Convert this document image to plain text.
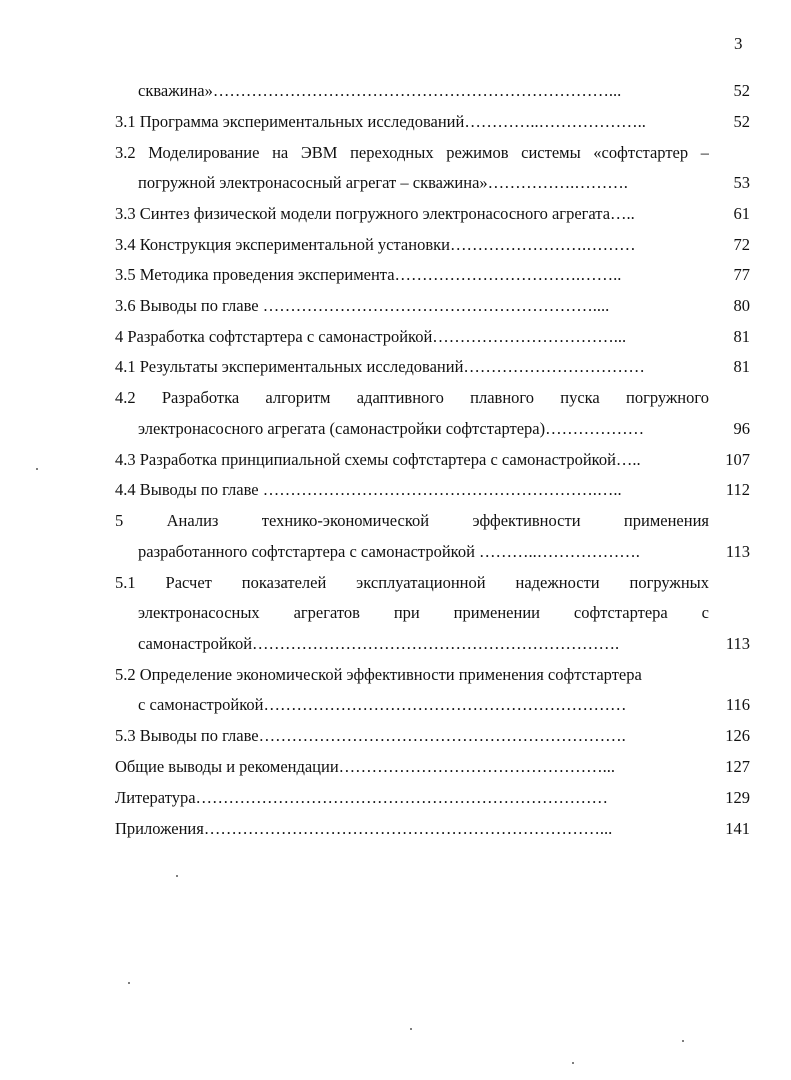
3
скважина»………………………………………………………………...	52
3.1 Программа экспериментальных исследований…………..………………..	52
3.2 Моделирование на ЭВМ переходных режимов системы «софтстартер –
погружной электронасосный агрегат – скважина»…………….……….	53
3.3 Синтез физической модели погружного электронасосного агрегата…..	61
3.4 Конструкция экспериментальной установки…………………….………	72
3.5 Методика проведения эксперимента…………………………….……..	77
3.6 Выводы по главе ……………………………………………………....	80
4 Разработка софтстартера с самонастройкой……………………………...	81
4.1 Результаты экспериментальных исследований……………………………	81
4.2 Разработка алгоритм адаптивного плавного пуска погружного
электронасосного агрегата (самонастройки софтстартера)………………	96
4.3 Разработка принципиальной схемы софтстартера с самонастройкой…..	107
4.4 Выводы по главе …………………………………………………….…..	112
5 Анализ технико-экономической эффективности применения
разработанного софтстартера с самонастройкой ………..……………….	113
5.1 Расчет показателей эксплуатационной надежности погружных
электронасосных агрегатов при применении софтстартера с
самонастройкой………………………………………………………….	113
5.2 Определение экономической эффективности применения софтстартера
с самонастройкой…………………………………………………………	116
5.3 Выводы по главе………………………………………………………….	126
Общие выводы и рекомендации…………………………………………...	127
Литература…………………………………………………………………	129
Приложения………………………………………………………………...	141
